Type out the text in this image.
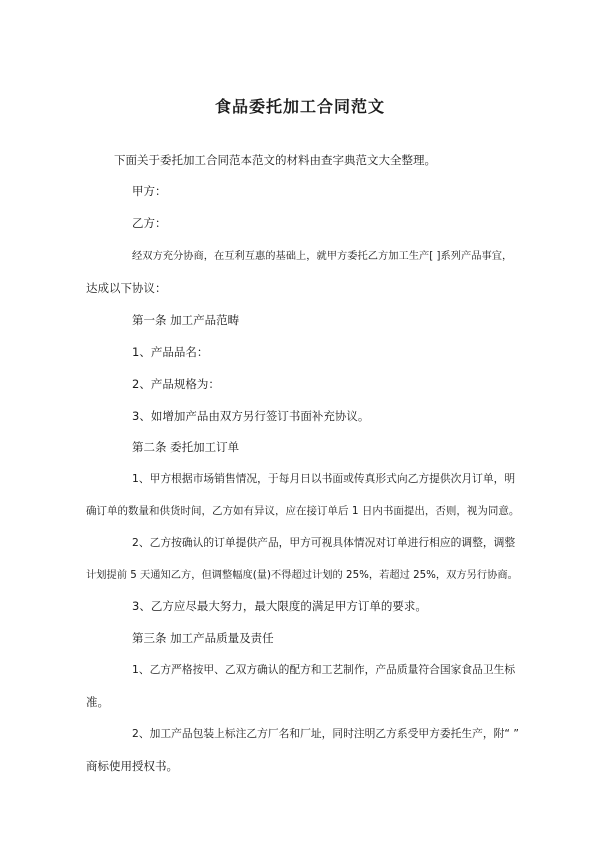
食品委托加工合同范文
下面关于委托加工合同范本范文的材料由查字典范文大全整理。
甲方：
乙方：
经双方充分协商，在互利互惠的基础上，就甲方委托乙方加工生产[ ]系列产品事宜，
达成以下协议：
第一条 加工产品范畴
1、产品品名：
2、产品规格为：
3、如增加产品由双方另行签订书面补充协议。
第二条 委托加工订单
1、甲方根据市场销售情况，于每月日以书面或传真形式向乙方提供次月订单，明
确订单的数量和供货时间，乙方如有异议，应在接订单后 1 日内书面提出，否则，视为同意。
2、乙方按确认的订单提供产品，甲方可视具体情况对订单进行相应的调整，调整
计划提前 5 天通知乙方，但调整幅度(量)不得超过计划的 25%，若超过 25%，双方另行协商。
3、乙方应尽最大努力，最大限度的满足甲方订单的要求。
第三条 加工产品质量及责任
1、乙方严格按甲、乙双方确认的配方和工艺制作，产品质量符合国家食品卫生标
准。
2、加工产品包装上标注乙方厂名和厂址，同时注明乙方系受甲方委托生产，附“ ”
商标使用授权书。
